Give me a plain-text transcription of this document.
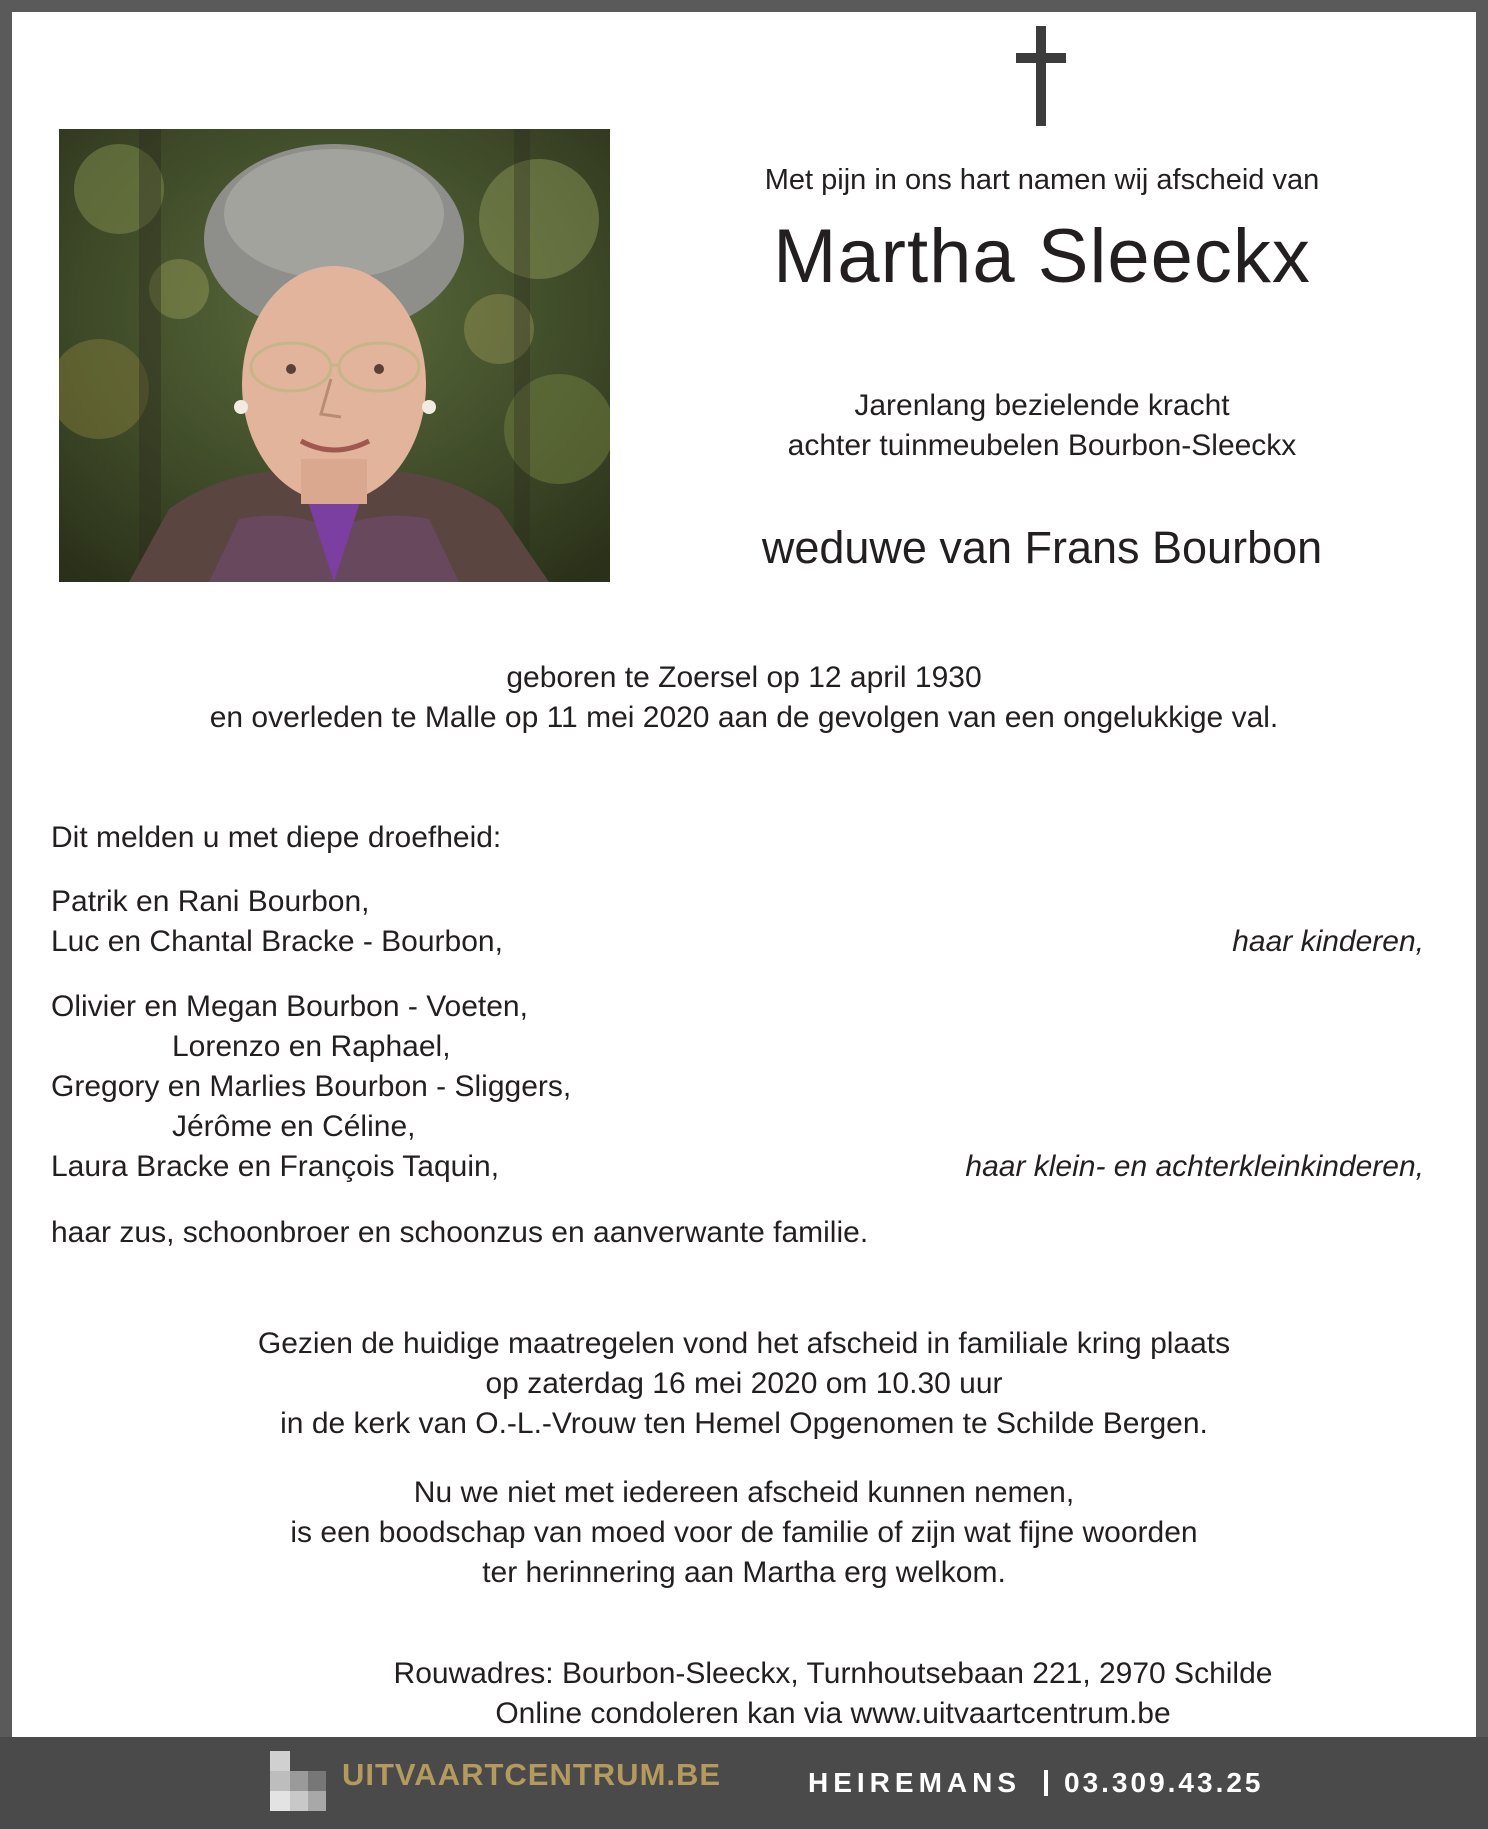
Met pijn in ons hart namen wij afscheid van
Martha Sleeckx
Jarenlang bezielende kracht
achter tuinmeubelen Bourbon-Sleeckx
weduwe van Frans Bourbon
geboren te Zoersel op 12 april 1930
en overleden te Malle op 11 mei 2020 aan de gevolgen van een ongelukkige val.
Dit melden u met diepe droefheid:
Patrik en Rani Bourbon,
Luc en Chantal Bracke - Bourbon,	haar kinderen,
Olivier en Megan Bourbon - Voeten,
Lorenzo en Raphael,
Gregory en Marlies Bourbon - Sliggers,
Jérôme en Céline,
Laura Bracke en François Taquin,	haar klein- en achterkleinkinderen,
haar zus, schoonbroer en schoonzus en aanverwante familie.
Gezien de huidige maatregelen vond het afscheid in familiale kring plaats
op zaterdag 16 mei 2020 om 10.30 uur
in de kerk van O.-L.-Vrouw ten Hemel Opgenomen te Schilde Bergen.
Nu we niet met iedereen afscheid kunnen nemen,
is een boodschap van moed voor de familie of zijn wat fijne woorden
ter herinnering aan Martha erg welkom.
Rouwadres: Bourbon-Sleeckx, Turnhoutsebaan 221, 2970 Schilde
Online condoleren kan via www.uitvaartcentrum.be
UITVAARTCENTRUM.BE	HEIREMANS 03.309.43.25
